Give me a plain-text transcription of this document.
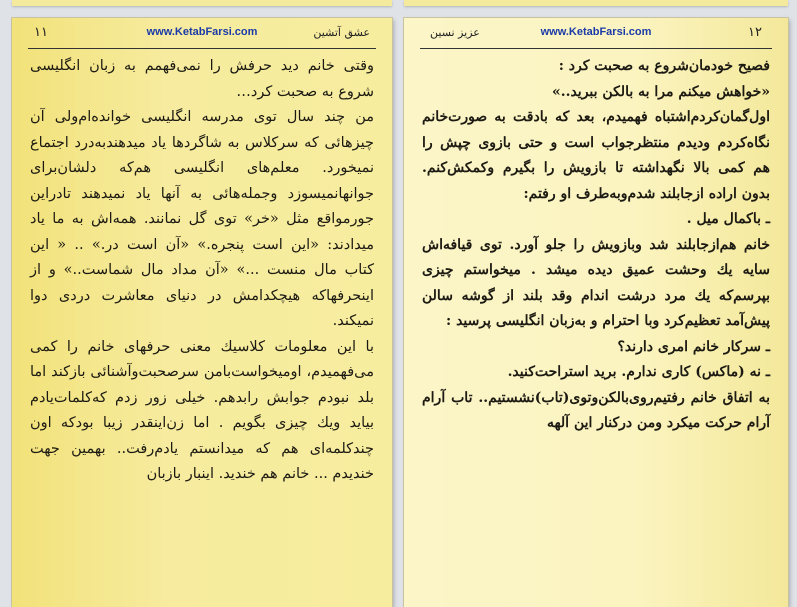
١١	www.KetabFarsi.com	عشق آتشین

وقتی خانم دید حرفش را نمی‌فهمم به زبان انگلیسی شروع به صحبت کرد…

من چند سال توی مدرسه انگلیسی خوانده‌ام‌ولی آن چیزهائی که سرکلاس به شاگردها یاد میدهندبه‌درد اجتماع نمیخورد. معلم‌های انگلیسی هم‌که دلشان‌برای جوانهانمیسوزد وجمله‌هائی به آنها یاد نمیدهند تادراین جورمواقع مثل «خر» توی گل نمانند. همه‌اش به ما یاد میدادند: «این است پنجره.» «آن است در.» .. « این کتاب مال منست ...» «آن مداد مال شماست..» و از اینحرفهاکه هیچکدامش در دنیای معاشرت دردی دوا نمیکند.

با این معلومات کلاسیك معنی حرفهای خانم را کمی می‌فهمیدم، اومیخواست‌بامن سرصحبت‌وآشنائی بازکند اما بلد نبودم جوابش رابدهم. خیلی زور زدم که‌کلمات‌یادم بیاید ویك چیزی بگویم . اما زن‌اینقدر زیبا بودکه اون چندکلمه‌ای هم که میدانستم یادم‌رفت.. بهمین جهت خندیدم ... خانم هم خندید. اینبار بازبان

عزیز نسین	www.KetabFarsi.com	١٢

فصیح خودمان‌شروع به صحبت کرد :

«خواهش میکنم مرا به بالکن ببرید..»

اول‌گمان‌کردم‌اشتباه فهمیدم، بعد که بادقت به صورت‌خانم نگاه‌کردم ودیدم منتظرجواب است و حتی بازوی چپش را هم کمی بالا نگهداشته تا بازویش را بگیرم وکمکش‌کنم. بدون اراده ازجابلند شدم‌وبه‌طرف او رفتم:

ـ باکمال میل .

خانم هم‌ازجابلند شد وبازویش را جلو آورد. توی قیافه‌اش سایه یك وحشت عمیق دیده میشد . میخواستم چیزی بپرسم‌که یك مرد درشت اندام وقد بلند از گوشه سالن پیش‌آمد تعظیم‌کرد وبا احترام و به‌زبان انگلیسی پرسید :

ـ سرکار خانم امری دارند؟

ـ نه (ماکس) کاری ندارم. برید استراحت‌کنید.

به اتفاق خانم رفتیم‌روی‌بالکن‌وتوی(تاب)نشستیم.. تاب آرام آرام حرکت میکرد ومن درکنار این آلهه
